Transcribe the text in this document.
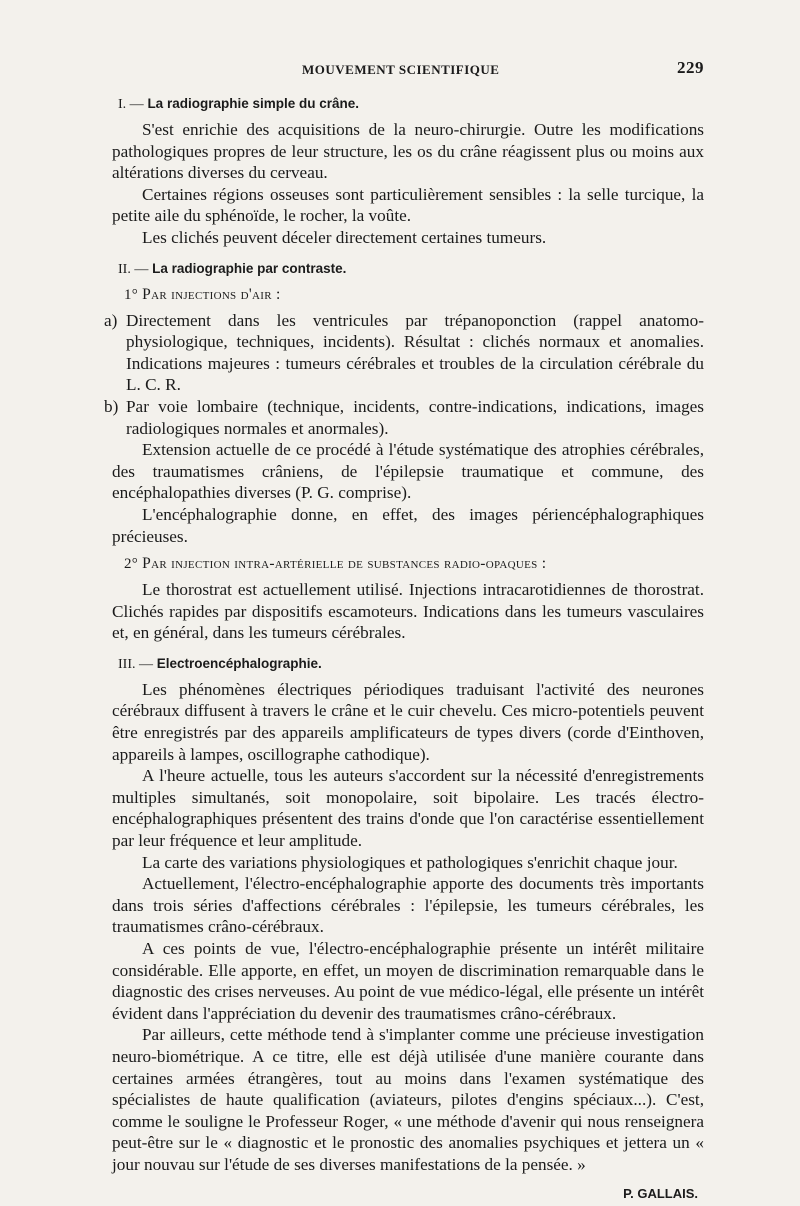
MOUVEMENT SCIENTIFIQUE	229
I. — La radiographie simple du crâne.

S'est enrichie des acquisitions de la neuro-chirurgie. Outre les modifications pathologiques propres de leur structure, les os du crâne réagissent plus ou moins aux altérations diverses du cerveau.

Certaines régions osseuses sont particulièrement sensibles : la selle turcique, la petite aile du sphénoïde, le rocher, la voûte.

Les clichés peuvent déceler directement certaines tumeurs.

II. — La radiographie par contraste.
1° Par injections d'air :
a) Directement dans les ventricules par trépanoponction (rappel anatomo-physiologique, techniques, incidents). Résultat : clichés normaux et anomalies. Indications majeures : tumeurs cérébrales et troubles de la circulation cérébrale du L. C. R.
b) Par voie lombaire (technique, incidents, contre-indications, indications, images radiologiques normales et anormales).

Extension actuelle de ce procédé à l'étude systématique des atrophies cérébrales, des traumatismes crâniens, de l'épilepsie traumatique et commune, des encéphalopathies diverses (P. G. comprise).

L'encéphalographie donne, en effet, des images périencéphalographiques précieuses.

2° Par injection intra-artérielle de substances radio-opaques :

Le thorostrat est actuellement utilisé. Injections intracarotidiennes de thorostrat. Clichés rapides par dispositifs escamoteurs. Indications dans les tumeurs vasculaires et, en général, dans les tumeurs cérébrales.

III. — Electroencéphalographie.

Les phénomènes électriques périodiques traduisant l'activité des neurones cérébraux diffusent à travers le crâne et le cuir chevelu. Ces micro-potentiels peuvent être enregistrés par des appareils amplificateurs de types divers (corde d'Einthoven, appareils à lampes, oscillographe cathodique).

A l'heure actuelle, tous les auteurs s'accordent sur la nécessité d'enregistrements multiples simultanés, soit monopolaire, soit bipolaire. Les tracés électro-encéphalographiques présentent des trains d'onde que l'on caractérise essentiellement par leur fréquence et leur amplitude.

La carte des variations physiologiques et pathologiques s'enrichit chaque jour.

Actuellement, l'électro-encéphalographie apporte des documents très importants dans trois séries d'affections cérébrales : l'épilepsie, les tumeurs cérébrales, les traumatismes crâno-cérébraux.

A ces points de vue, l'électro-encéphalographie présente un intérêt militaire considérable. Elle apporte, en effet, un moyen de discrimination remarquable dans le diagnostic des crises nerveuses. Au point de vue médico-légal, elle présente un intérêt évident dans l'appréciation du devenir des traumatismes crâno-cérébraux.

Par ailleurs, cette méthode tend à s'implanter comme une précieuse investigation neuro-biométrique. A ce titre, elle est déjà utilisée d'une manière courante dans certaines armées étrangères, tout au moins dans l'examen systématique des spécialistes de haute qualification (aviateurs, pilotes d'engins spéciaux...). C'est, comme le souligne le Professeur Roger, « une méthode d'avenir qui nous renseignera peut-être sur le « diagnostic et le pronostic des anomalies psychiques et jettera un « jour nouvau sur l'étude de ses diverses manifestations de la pensée. »

P. GALLAIS.
